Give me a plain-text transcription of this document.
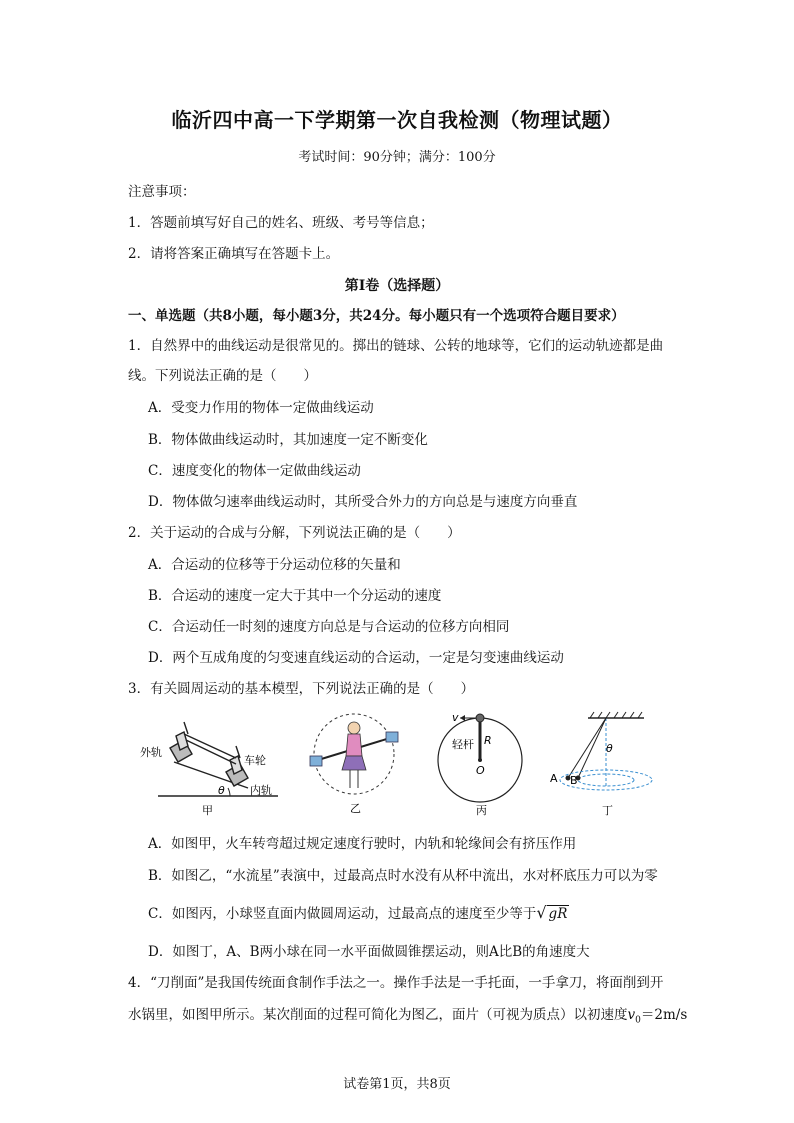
临沂四中高一下学期第一次自我检测（物理试题）
考试时间：90分钟；满分：100分
注意事项：
1．答题前填写好自己的姓名、班级、考号等信息；
2．请将答案正确填写在答题卡上。
第Ⅰ卷（选择题）
一、单选题（共8小题，每小题3分，共24分。每小题只有一个选项符合题目要求）
1．自然界中的曲线运动是很常见的。掷出的链球、公转的地球等，它们的运动轨迹都是曲
线。下列说法正确的是（　　）
A．受变力作用的物体一定做曲线运动
B．物体做曲线运动时，其加速度一定不断变化
C．速度变化的物体一定做曲线运动
D．物体做匀速率曲线运动时，其所受合外力的方向总是与速度方向垂直
2．关于运动的合成与分解，下列说法正确的是（　　）
A．合运动的位移等于分运动位移的矢量和
B．合运动的速度一定大于其中一个分运动的速度
C．合运动任一时刻的速度方向总是与合运动的位移方向相同
D．两个互成角度的匀变速直线运动的合运动，一定是匀变速曲线运动
3．有关圆周运动的基本模型，下列说法正确的是（　　）
外轨
车轮
内轨
θ
甲	乙
v
轻杆 R
O
丙
θ
A B
丁
A．如图甲，火车转弯超过规定速度行驶时，内轨和轮缘间会有挤压作用
B．如图乙，“水流星”表演中，过最高点时水没有从杯中流出，水对杯底压力可以为零
C．如图丙，小球竖直面内做圆周运动，过最高点的速度至少等于√ gR
D．如图丁，A、B两小球在同一水平面做圆锥摆运动，则A比B的角速度大
4．“刀削面”是我国传统面食制作手法之一。操作手法是一手托面，一手拿刀，将面削到开
水锅里，如图甲所示。某次削面的过程可简化为图乙，面片（可视为质点）以初速度$v_0=2m/s$
试卷第1页，共8页
